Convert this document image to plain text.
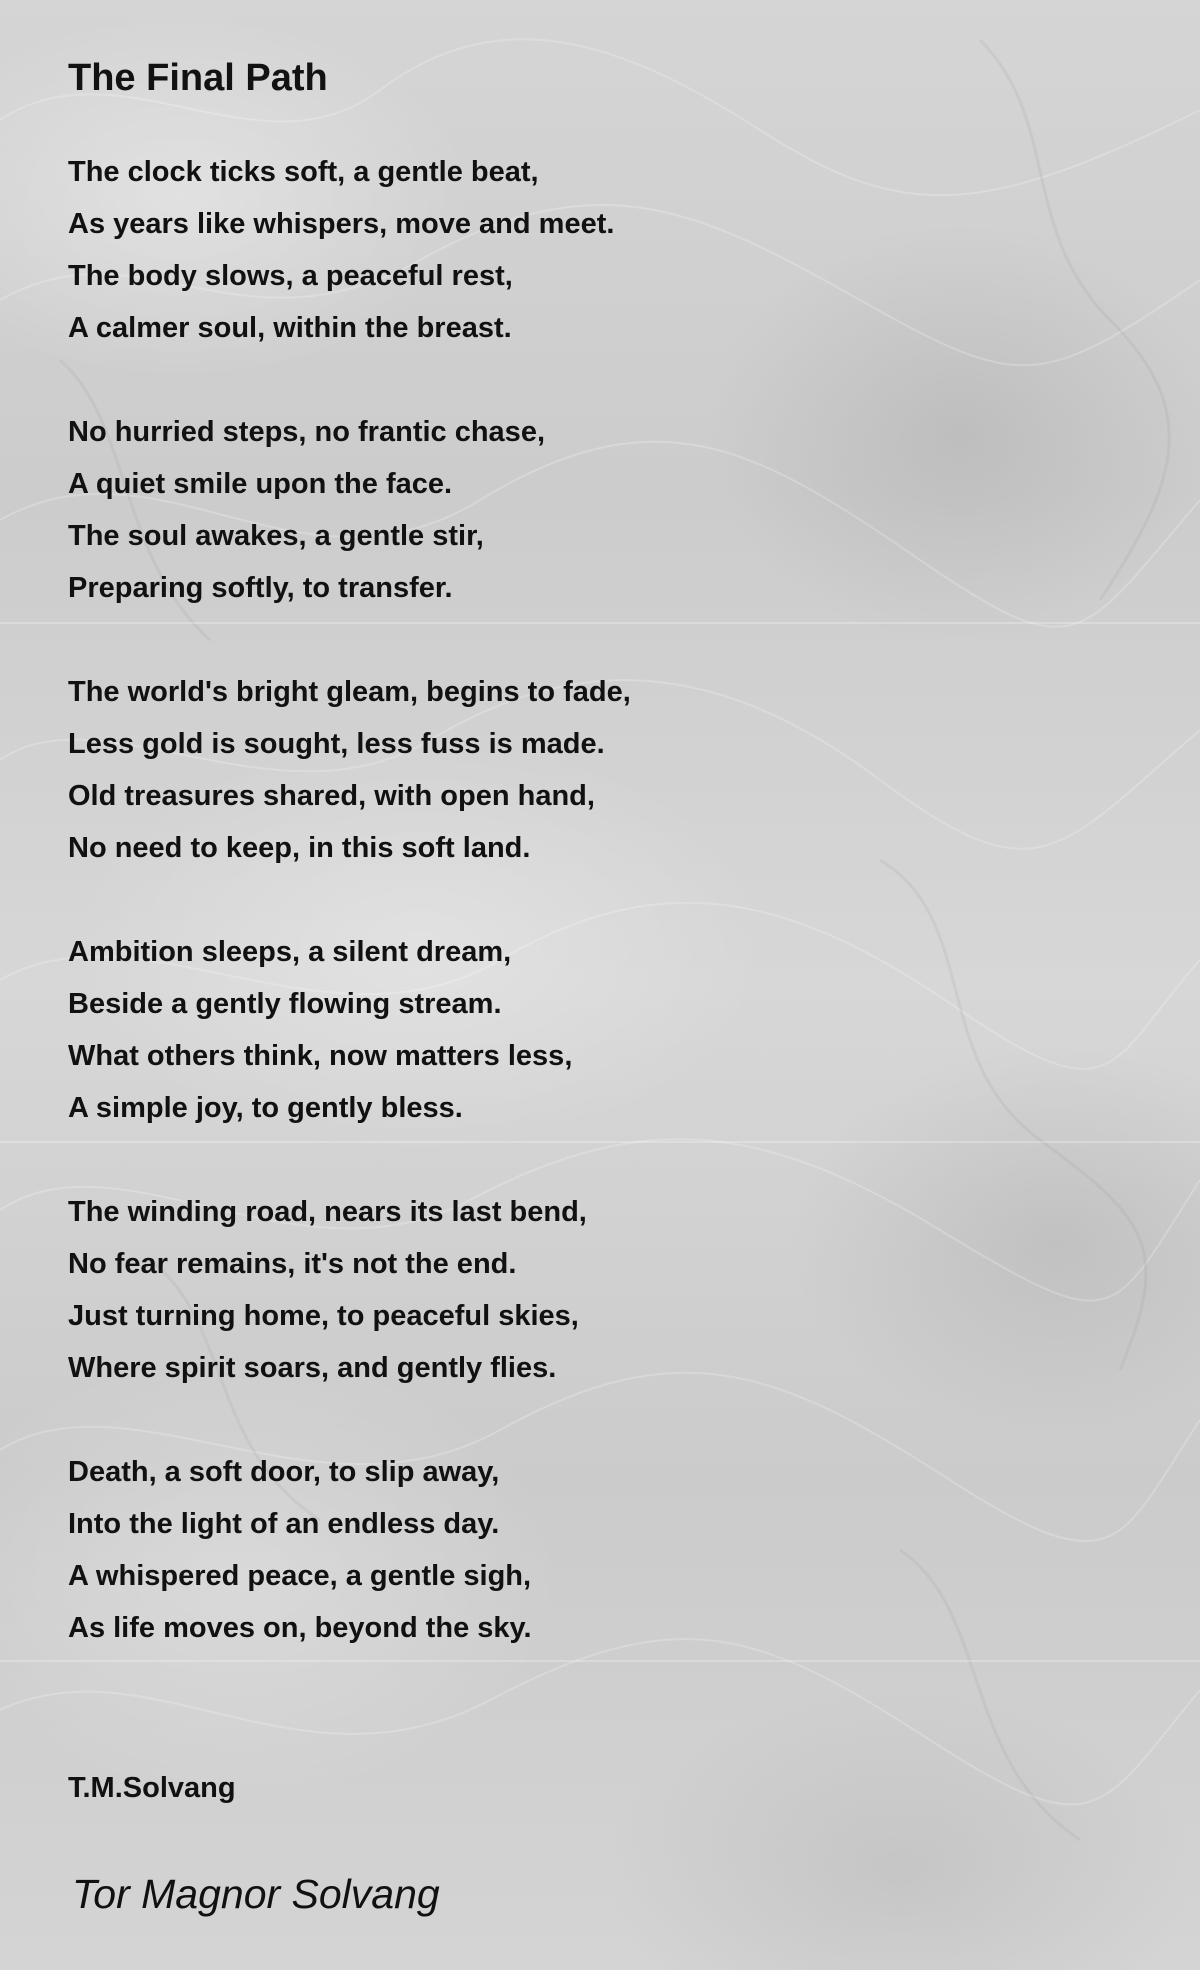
The Final Path
The clock ticks soft, a gentle beat,
As years like whispers, move and meet.
The body slows, a peaceful rest,
A calmer soul, within the breast.
No hurried steps, no frantic chase,
A quiet smile upon the face.
The soul awakes, a gentle stir,
Preparing softly, to transfer.
The world's bright gleam, begins to fade,
Less gold is sought, less fuss is made.
Old treasures shared, with open hand,
No need to keep, in this soft land.
Ambition sleeps, a silent dream,
Beside a gently flowing stream.
What others think, now matters less,
A simple joy, to gently bless.
The winding road, nears its last bend,
No fear remains, it's not the end.
Just turning home, to peaceful skies,
Where spirit soars, and gently flies.
Death, a soft door, to slip away,
Into the light of an endless day.
A whispered peace, a gentle sigh,
As life moves on, beyond the sky.
T.M.Solvang
Tor Magnor Solvang
